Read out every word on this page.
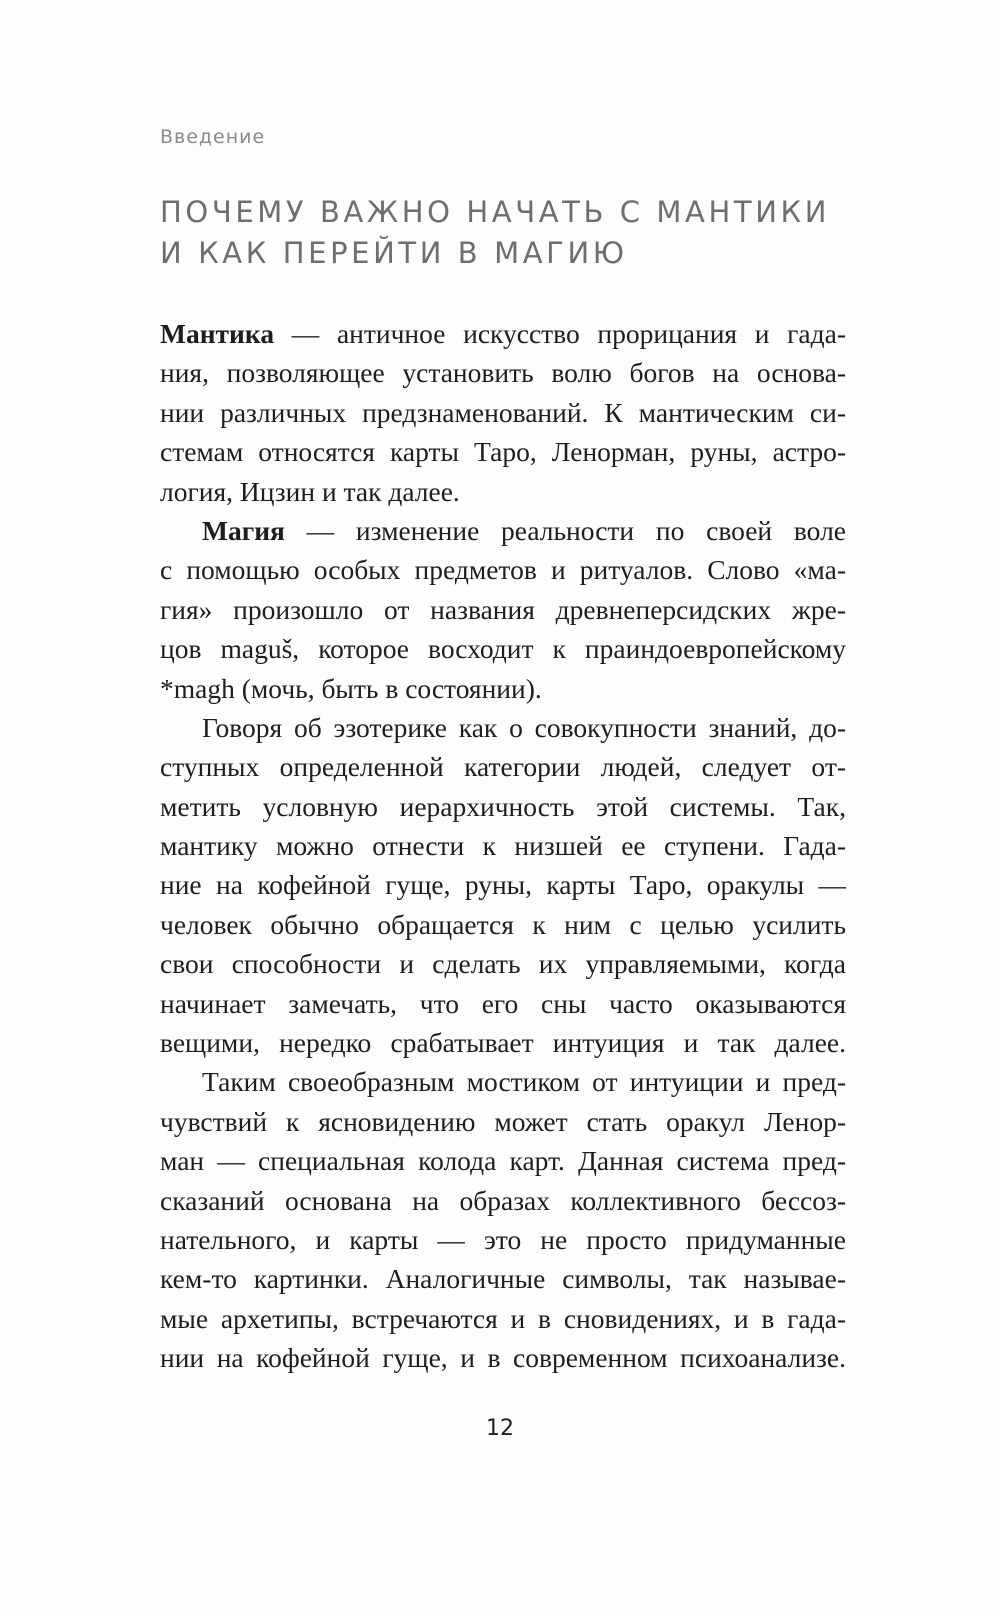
Введение
ПОЧЕМУ ВАЖНО НАЧАТЬ С МАНТИКИ
И КАК ПЕРЕЙТИ В МАГИЮ
Мантика — античное искусство прорицания и гада-
ния, позволяющее установить волю богов на основа-
нии различных предзнаменований. К мантическим си-
стемам относятся карты Таро, Ленорман, руны, астро-
логия, Ицзин и так далее.
Магия — изменение реальности по своей воле
с помощью особых предметов и ритуалов. Слово «ма-
гия» произошло от названия древнеперсидских жре-
цов maguš, которое восходит к праиндоевропейскому
*magh (мочь, быть в состоянии).
Говоря об эзотерике как о совокупности знаний, до-
ступных определенной категории людей, следует от-
метить условную иерархичность этой системы. Так,
мантику можно отнести к низшей ее ступени. Гада-
ние на кофейной гуще, руны, карты Таро, оракулы —
человек обычно обращается к ним с целью усилить
свои способности и сделать их управляемыми, когда
начинает замечать, что его сны часто оказываются
вещими, нередко срабатывает интуиция и так далее.
Таким своеобразным мостиком от интуиции и пред-
чувствий к ясновидению может стать оракул Ленор-
ман — специальная колода карт. Данная система пред-
сказаний основана на образах коллективного бессоз-
нательного, и карты — это не просто придуманные
кем-то картинки. Аналогичные символы, так называе-
мые архетипы, встречаются и в сновидениях, и в гада-
нии на кофейной гуще, и в современном психоанализе.
12
